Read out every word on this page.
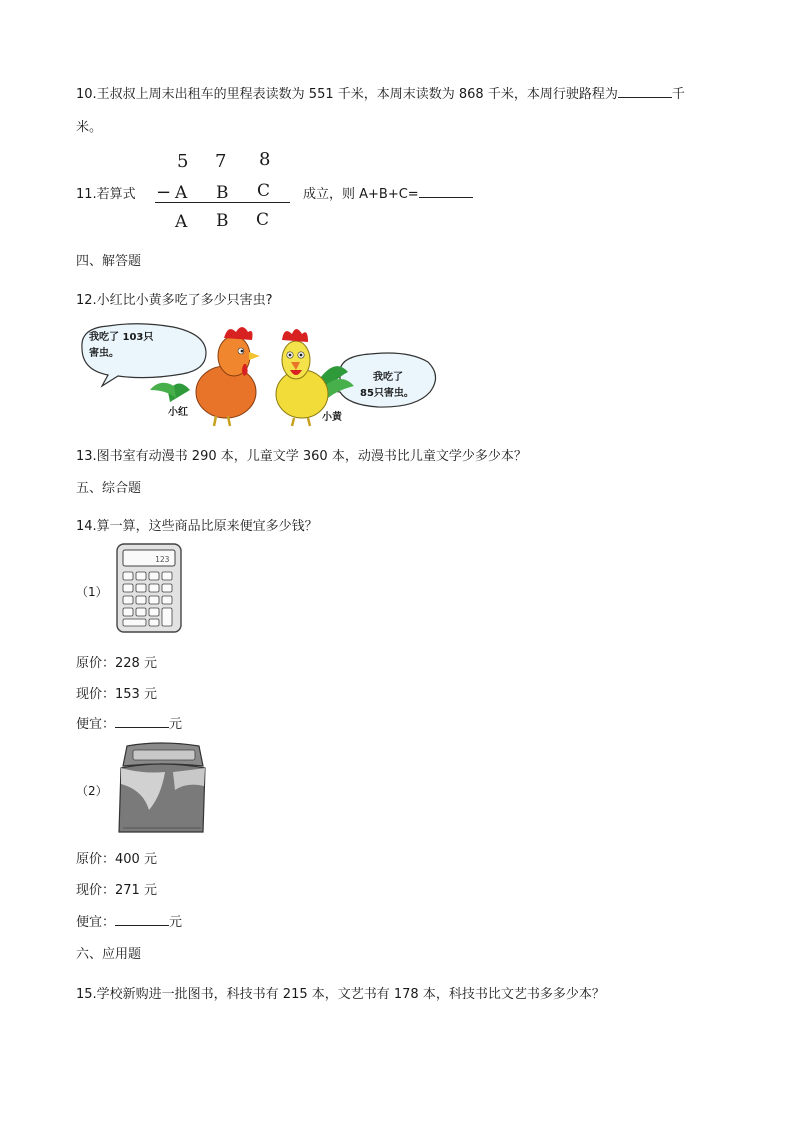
10.王叔叔上周末出租车的里程表读数为 551 千米，本周末读数为 868 千米，本周行驶路程为	千
米。
11.若算式
5 7 8
− A B C
A B C
成立，则 A+B+C=
四、解答题
12.小红比小黄多吃了多少只害虫?
我吃了 103只
害虫。
我吃了
85只害虫。
小红	小黄
13.图书室有动漫书 290 本，儿童文学 360 本，动漫书比儿童文学少多少本？
五、综合题
14.算一算，这些商品比原来便宜多少钱？
（1）
123
原价：228 元
现价：153 元
便宜：	元
（2）
原价：400 元
现价：271 元
便宜：	元
六、应用题
15.学校新购进一批图书，科技书有 215 本，文艺书有 178 本，科技书比文艺书多多少本？
